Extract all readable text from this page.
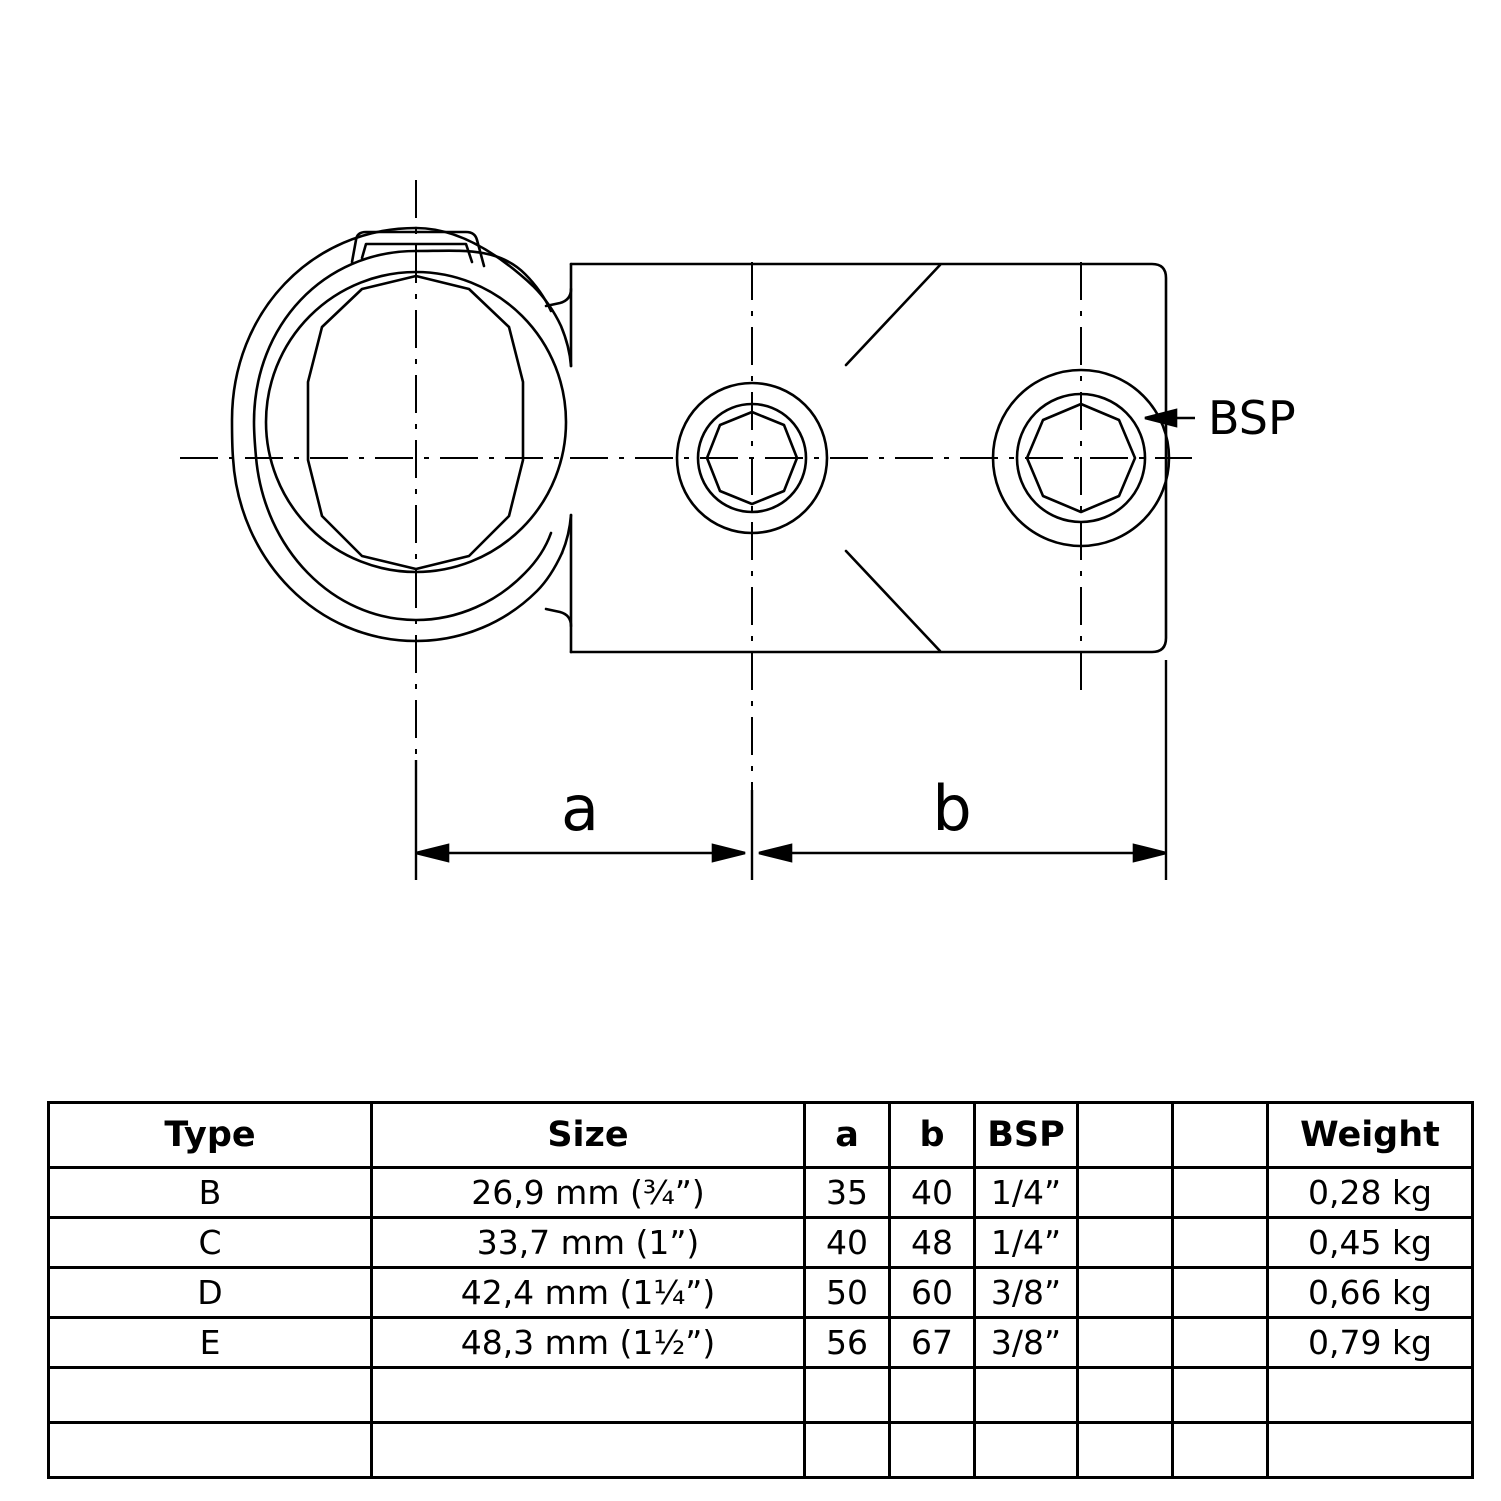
a	b
BSP
Type	Size	a	b	BSP			Weight
B	26,9 mm (¾”)	35	40	1/4”			0,28 kg
C	33,7 mm (1”)	40	48	1/4”			0,45 kg
D	42,4 mm (1¼”)	50	60	3/8”			0,66 kg
E	48,3 mm (1½”)	56	67	3/8”			0,79 kg
